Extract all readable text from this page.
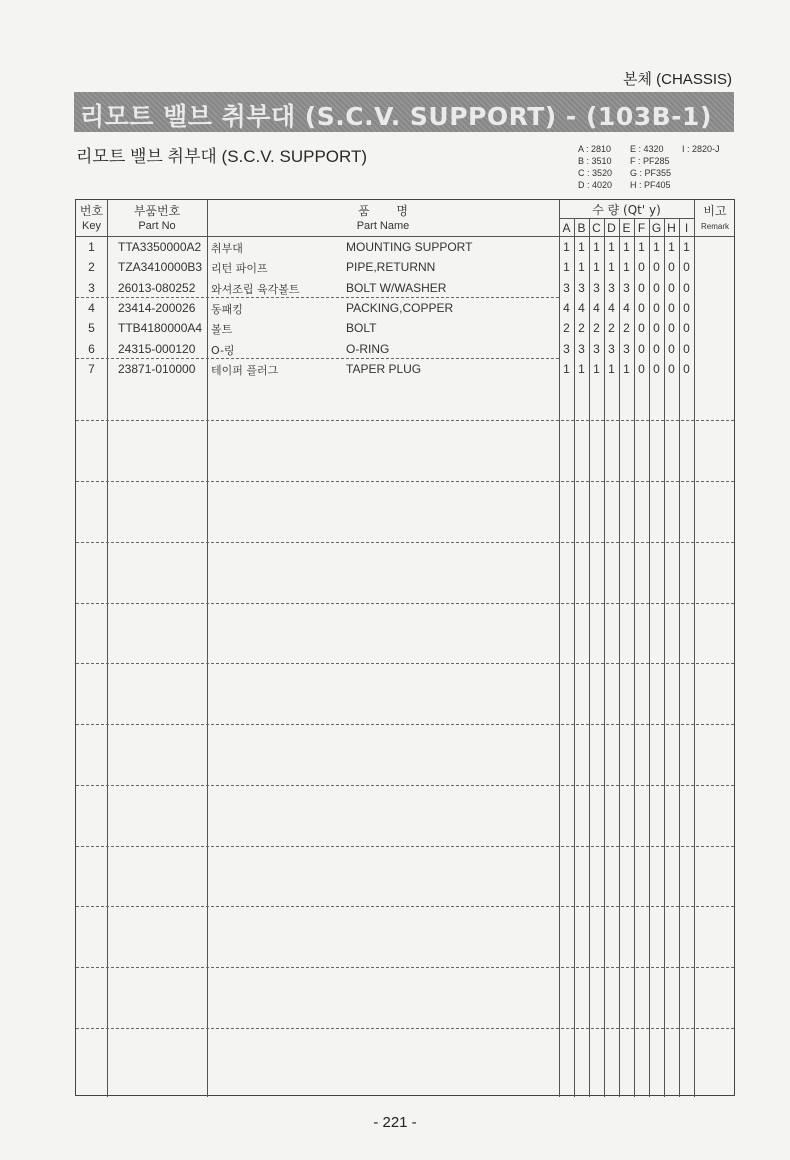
본체 (CHASSIS)
리모트 밸브 취부대 (S.C.V. SUPPORT) - (103B-1)
리모트 밸브 취부대 (S.C.V. SUPPORT)	A : 2810
B : 3510
C : 3520
D : 4020
E : 4320
F : PF285
G : PF355
H : PF405
I : 2820-J
번호
Key
부품번호
Part No
품       명
Part Name
수 량 (Qt' y)	비고
Remark
A B C D E F G H I
1	TTA3350000A2 취부대	MOUNTING SUPPORT	1 1 1 1 1 1 1 1 1
2	TZA3410000B3 리턴 파이프	PIPE,RETURNN	1 1 1 1 1 0 0 0 0
3	26013-080252 와셔조립 육각볼트	BOLT W/WASHER	3 3 3 3 3 0 0 0 0
4	23414-200026 동패킹	PACKING,COPPER	4 4 4 4 4 0 0 0 0
5	TTB4180000A4 볼트	BOLT	2 2 2 2 2 0 0 0 0
6	24315-000120 O-링	O-RING	3 3 3 3 3 0 0 0 0
7	23871-010000 테이퍼 플러그	TAPER PLUG	1 1 1 1 1 0 0 0 0
- 221 -
